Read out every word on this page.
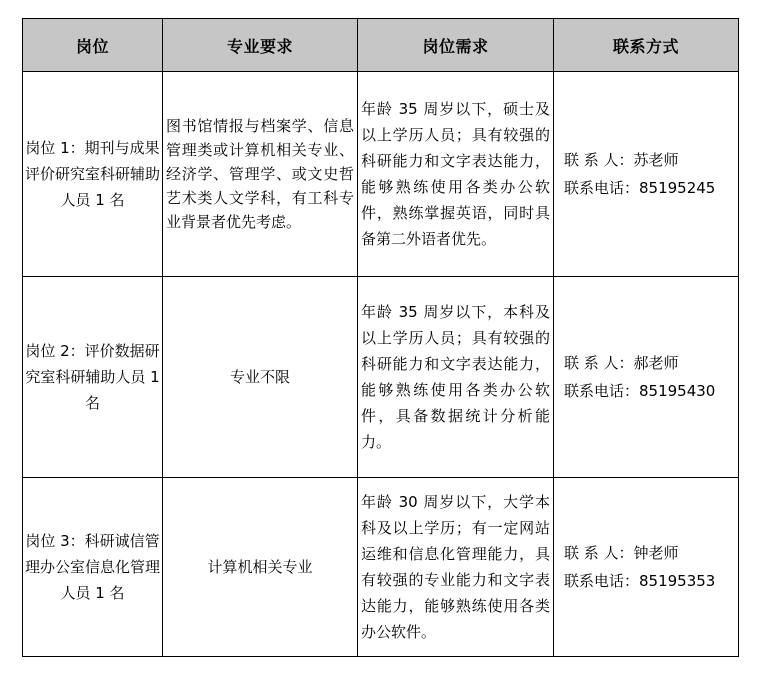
岗位	专业要求	岗位需求	联系方式

岗位 1：期刊与成果评价研究室科研辅助人员 1 名	图书馆情报与档案学、信息管理类或计算机相关专业、经济学、管理学、或文史哲艺术类人文学科，有工科专业背景者优先考虑。	年龄 35 周岁以下，硕士及以上学历人员；具有较强的科研能力和文字表达能力，能够熟练使用各类办公软件，熟练掌握英语，同时具备第二外语者优先。	联 系 人：苏老师
联系电话：85195245

岗位 2：评价数据研究室科研辅助人员 1 名	专业不限	年龄 35 周岁以下，本科及以上学历人员；具有较强的科研能力和文字表达能力，能够熟练使用各类办公软件，具备数据统计分析能力。	联 系 人：郝老师
联系电话：85195430

岗位 3：科研诚信管理办公室信息化管理人员 1 名	计算机相关专业	年龄 30 周岁以下，大学本科及以上学历；有一定网站运维和信息化管理能力，具有较强的专业能力和文字表达能力，能够熟练使用各类办公软件。	联 系 人：钟老师
联系电话：85195353
